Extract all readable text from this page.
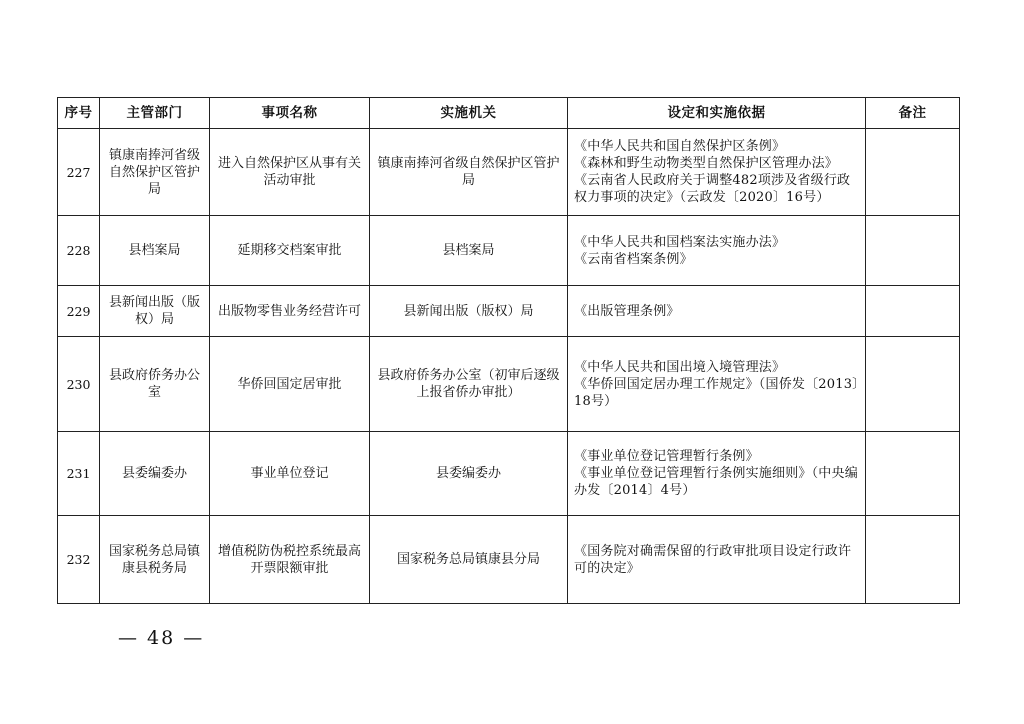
序号	主管部门	事项名称	实施机关	设定和实施依据	备注
227	镇康南捧河省级自然保护区管护局	进入自然保护区从事有关活动审批	镇康南捧河省级自然保护区管护局	《中华人民共和国自然保护区条例》
《森林和野生动物类型自然保护区管理办法》
《云南省人民政府关于调整482项涉及省级行政权力事项的决定》（云政发〔2020〕16号）	

228	县档案局	延期移交档案审批	县档案局	《中华人民共和国档案法实施办法》
《云南省档案条例》	

229	县新闻出版（版权）局	出版物零售业务经营许可	县新闻出版（版权）局	《出版管理条例》	

230	县政府侨务办公室	华侨回国定居审批	县政府侨务办公室（初审后逐级上报省侨办审批）	《中华人民共和国出境入境管理法》
《华侨回国定居办理工作规定》（国侨发〔2013〕18号）	

231	县委编委办	事业单位登记	县委编委办	《事业单位登记管理暂行条例》
《事业单位登记管理暂行条例实施细则》（中央编办发〔2014〕4号）	

232	国家税务总局镇康县税务局	增值税防伪税控系统最高开票限额审批	国家税务总局镇康县分局	《国务院对确需保留的行政审批项目设定行政许可的决定》	

— 48 —
